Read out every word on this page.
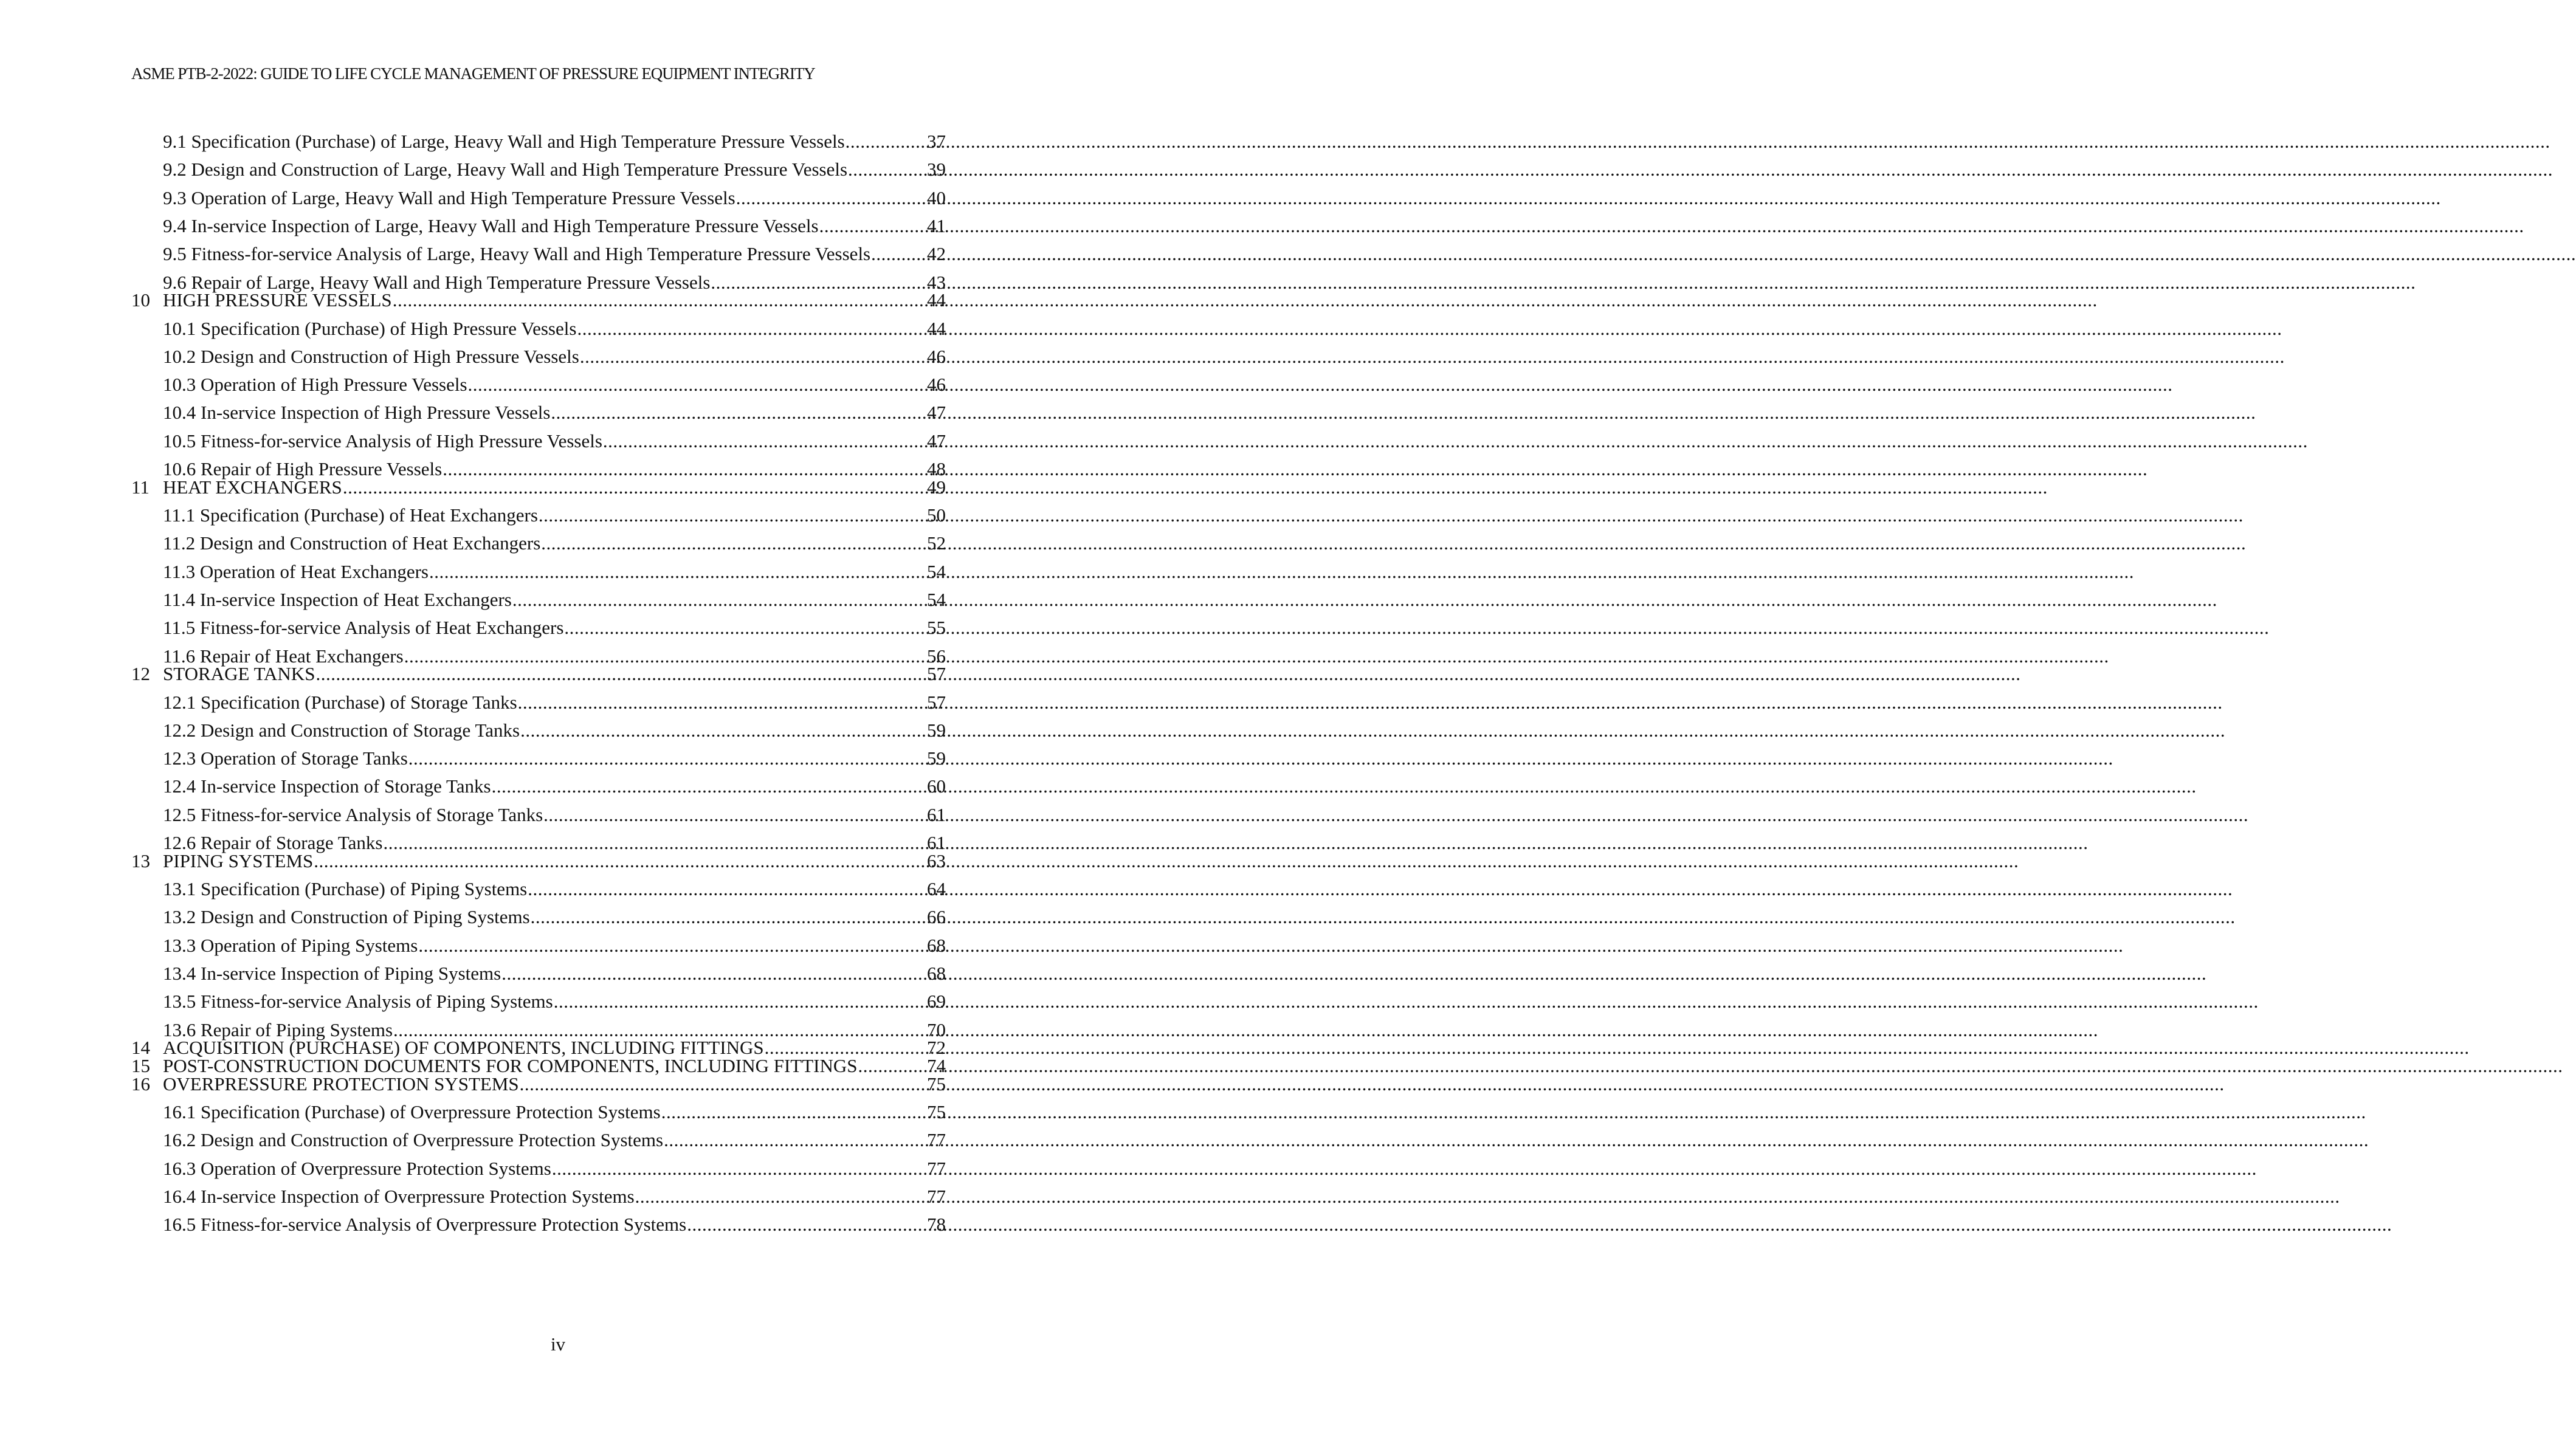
ASME PTB-2-2022: GUIDE TO LIFE CYCLE MANAGEMENT OF PRESSURE EQUIPMENT INTEGRITY
9.1 Specification (Purchase) of Large, Heavy Wall and High Temperature Pressure Vessels .....	37
9.2 Design and Construction of Large, Heavy Wall and High Temperature Pressure Vessels .....	39
9.3 Operation of Large, Heavy Wall and High Temperature Pressure Vessels .....	40
9.4 In-service Inspection of Large, Heavy Wall and High Temperature Pressure Vessels .....	41
9.5 Fitness-for-service Analysis of Large, Heavy Wall and High Temperature Pressure Vessels .....	42
9.6 Repair of Large, Heavy Wall and High Temperature Pressure Vessels .....	43
10 HIGH PRESSURE VESSELS .....	44
10.1 Specification (Purchase) of High Pressure Vessels .....	44
10.2 Design and Construction of High Pressure Vessels .....	46
10.3 Operation of High Pressure Vessels .....	46
10.4 In-service Inspection of High Pressure Vessels .....	47
10.5 Fitness-for-service Analysis of High Pressure Vessels .....	47
10.6 Repair of High Pressure Vessels .....	48
11 HEAT EXCHANGERS .....	49
11.1 Specification (Purchase) of Heat Exchangers .....	50
11.2 Design and Construction of Heat Exchangers .....	52
11.3 Operation of Heat Exchangers .....	54
11.4 In-service Inspection of Heat Exchangers .....	54
11.5 Fitness-for-service Analysis of Heat Exchangers .....	55
11.6 Repair of Heat Exchangers .....	56
12 STORAGE TANKS .....	57
12.1 Specification (Purchase) of Storage Tanks .....	57
12.2 Design and Construction of Storage Tanks .....	59
12.3 Operation of Storage Tanks .....	59
12.4 In-service Inspection of Storage Tanks .....	60
12.5 Fitness-for-service Analysis of Storage Tanks .....	61
12.6 Repair of Storage Tanks .....	61
13 PIPING SYSTEMS .....	63
13.1 Specification (Purchase) of Piping Systems .....	64
13.2 Design and Construction of Piping Systems .....	66
13.3 Operation of Piping Systems .....	68
13.4 In-service Inspection of Piping Systems .....	68
13.5 Fitness-for-service Analysis of Piping Systems .....	69
13.6 Repair of Piping Systems .....	70
14 ACQUISITION (PURCHASE) OF COMPONENTS, INCLUDING FITTINGS .....	72
15 POST-CONSTRUCTION DOCUMENTS FOR COMPONENTS, INCLUDING FITTINGS .....	74
16 OVERPRESSURE PROTECTION SYSTEMS .....	75
16.1 Specification (Purchase) of Overpressure Protection Systems .....	75
16.2 Design and Construction of Overpressure Protection Systems .....	77
16.3 Operation of Overpressure Protection Systems .....	77
16.4 In-service Inspection of Overpressure Protection Systems .....	77
16.5 Fitness-for-service Analysis of Overpressure Protection Systems .....	78
iv
